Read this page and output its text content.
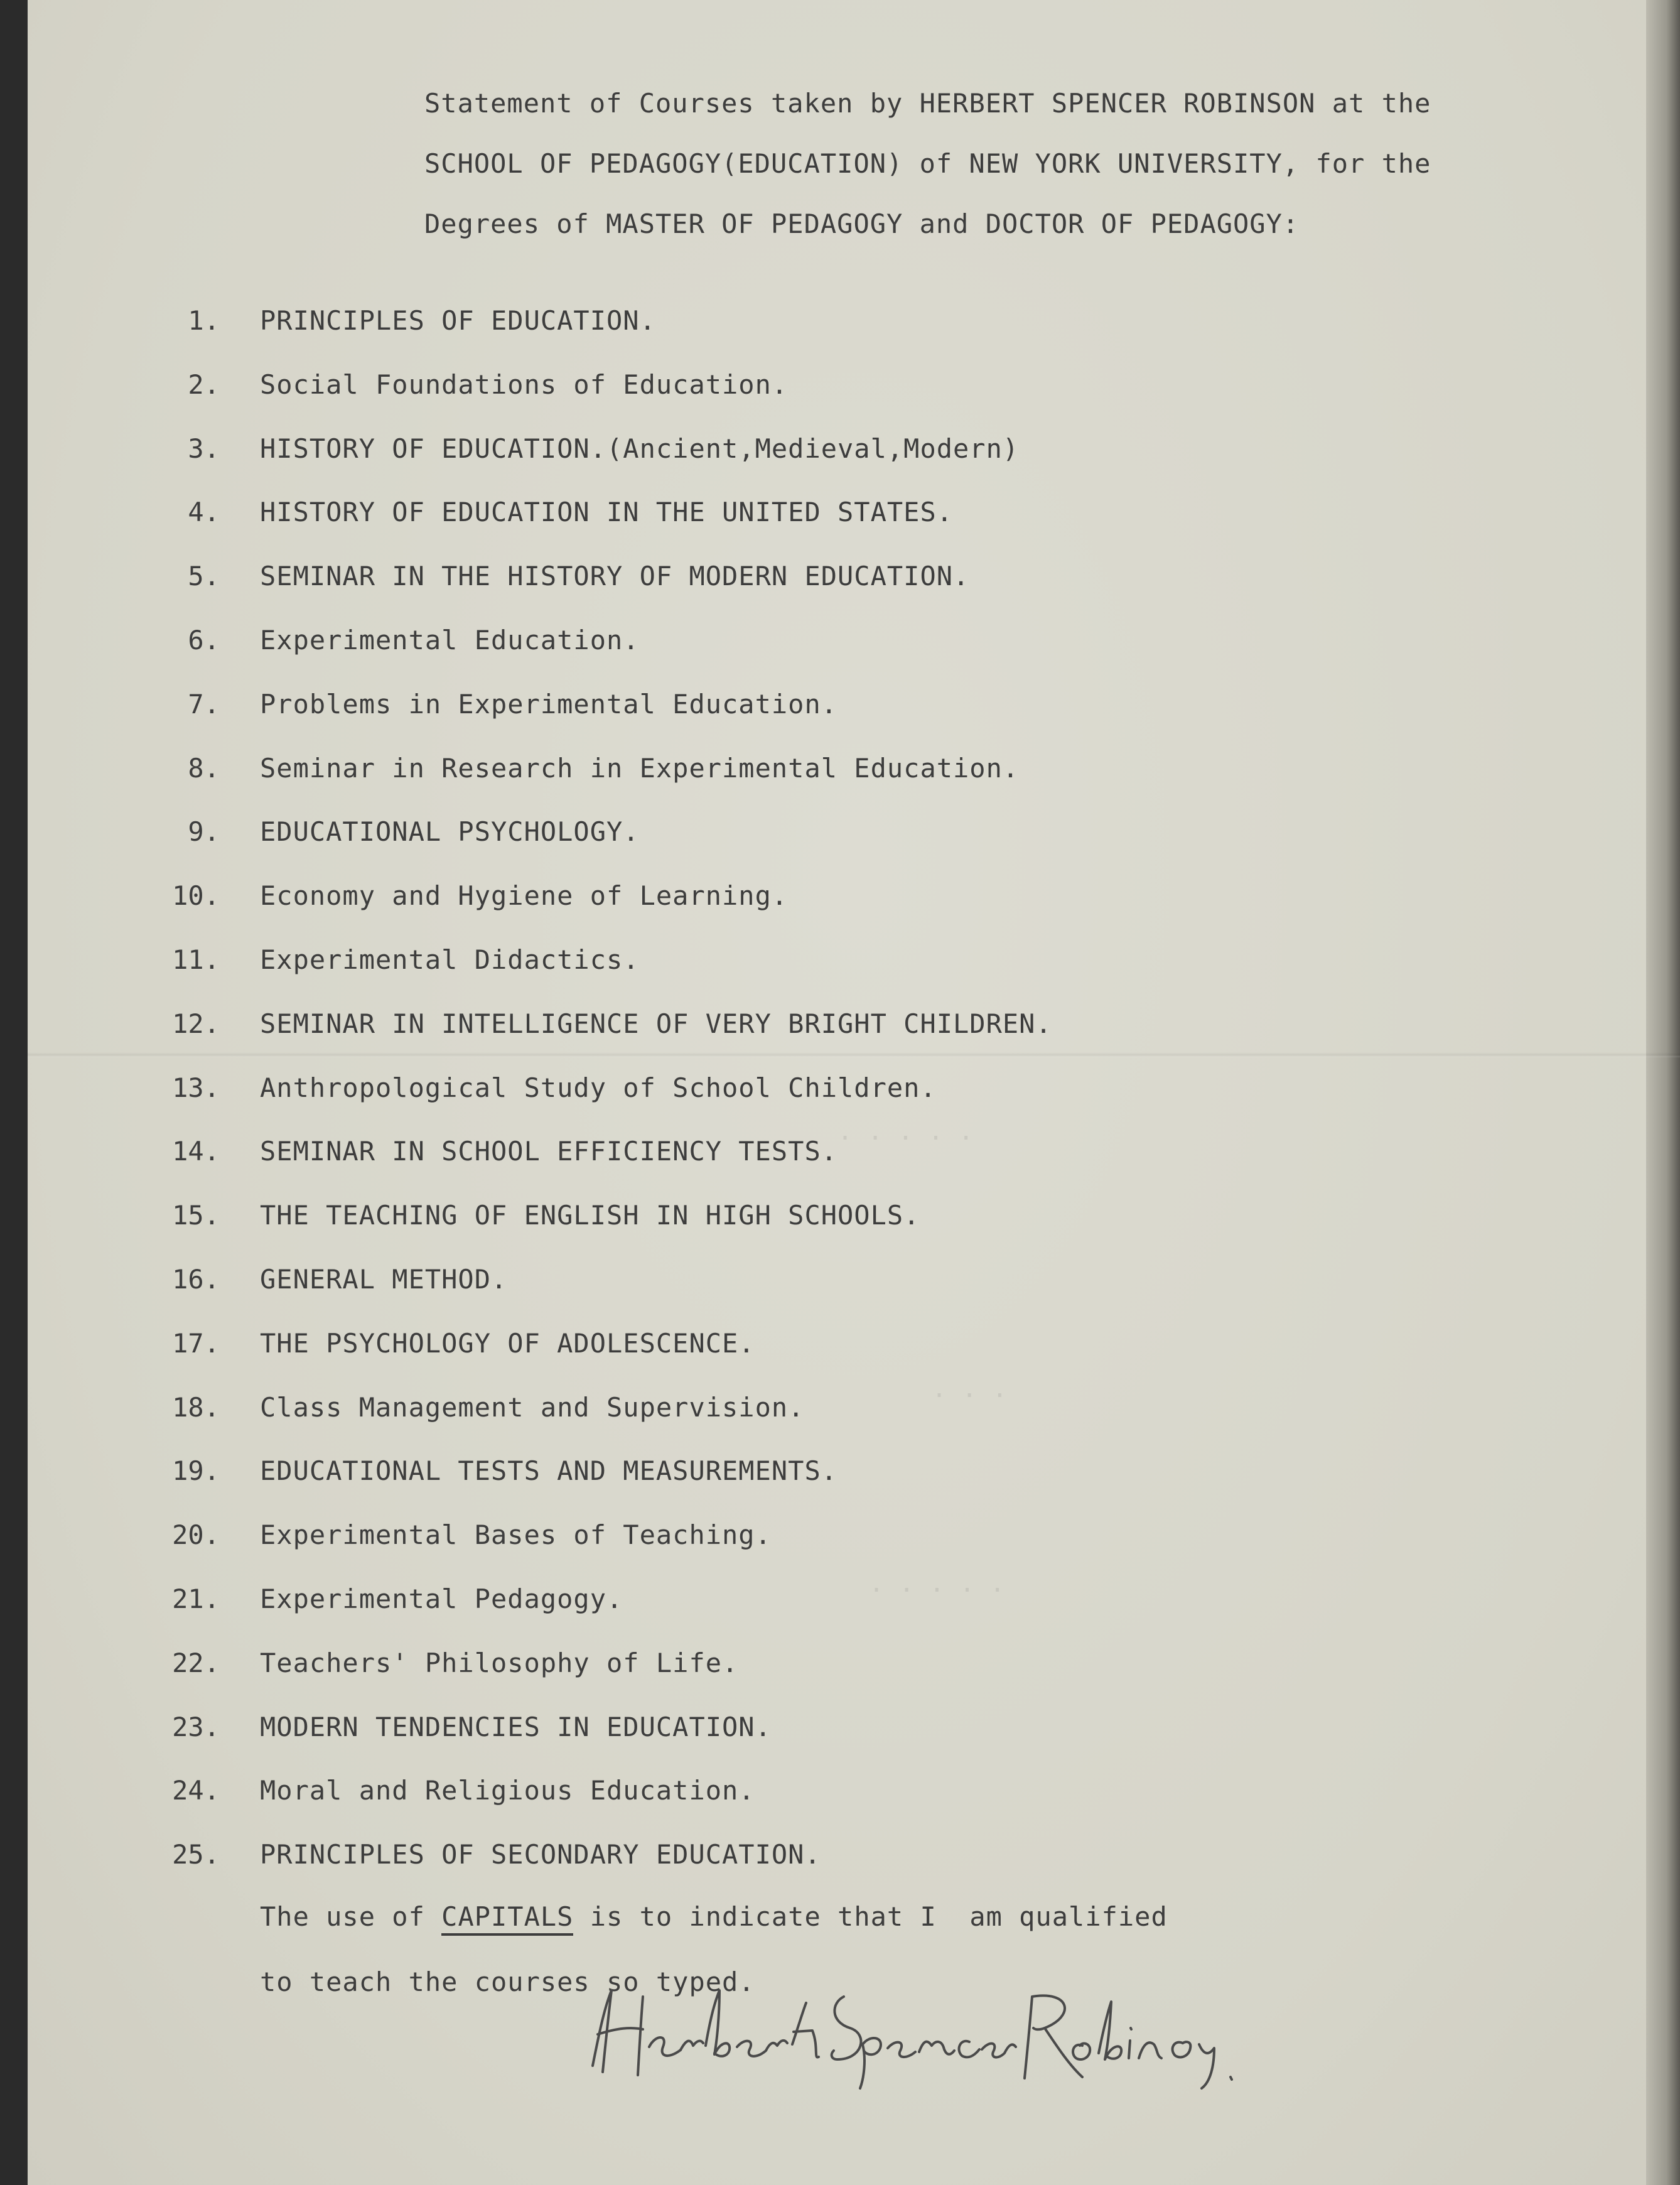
· · · · ·
· · ·
· · · · ·
Statement of Courses taken by HERBERT SPENCER ROBINSON at the
SCHOOL OF PEDAGOGY(EDUCATION) of NEW YORK UNIVERSITY, for the
Degrees of MASTER OF PEDAGOGY and DOCTOR OF PEDAGOGY:
1. PRINCIPLES OF EDUCATION.
2. Social Foundations of Education.
3. HISTORY OF EDUCATION.(Ancient,Medieval,Modern)
4. HISTORY OF EDUCATION IN THE UNITED STATES.
5. SEMINAR IN THE HISTORY OF MODERN EDUCATION.
6. Experimental Education.
7. Problems in Experimental Education.
8. Seminar in Research in Experimental Education.
9. EDUCATIONAL PSYCHOLOGY.
10. Economy and Hygiene of Learning.
11. Experimental Didactics.
12. SEMINAR IN INTELLIGENCE OF VERY BRIGHT CHILDREN.
13. Anthropological Study of School Children.
14. SEMINAR IN SCHOOL EFFICIENCY TESTS.
15. THE TEACHING OF ENGLISH IN HIGH SCHOOLS.
16. GENERAL METHOD.
17. THE PSYCHOLOGY OF ADOLESCENCE.
18. Class Management and Supervision.
19. EDUCATIONAL TESTS AND MEASUREMENTS.
20. Experimental Bases of Teaching.
21. Experimental Pedagogy.
22. Teachers' Philosophy of Life.
23. MODERN TENDENCIES IN EDUCATION.
24. Moral and Religious Education.
25. PRINCIPLES OF SECONDARY EDUCATION.
The use of CAPITALS is to indicate that I  am qualified
to teach the courses so typed.
